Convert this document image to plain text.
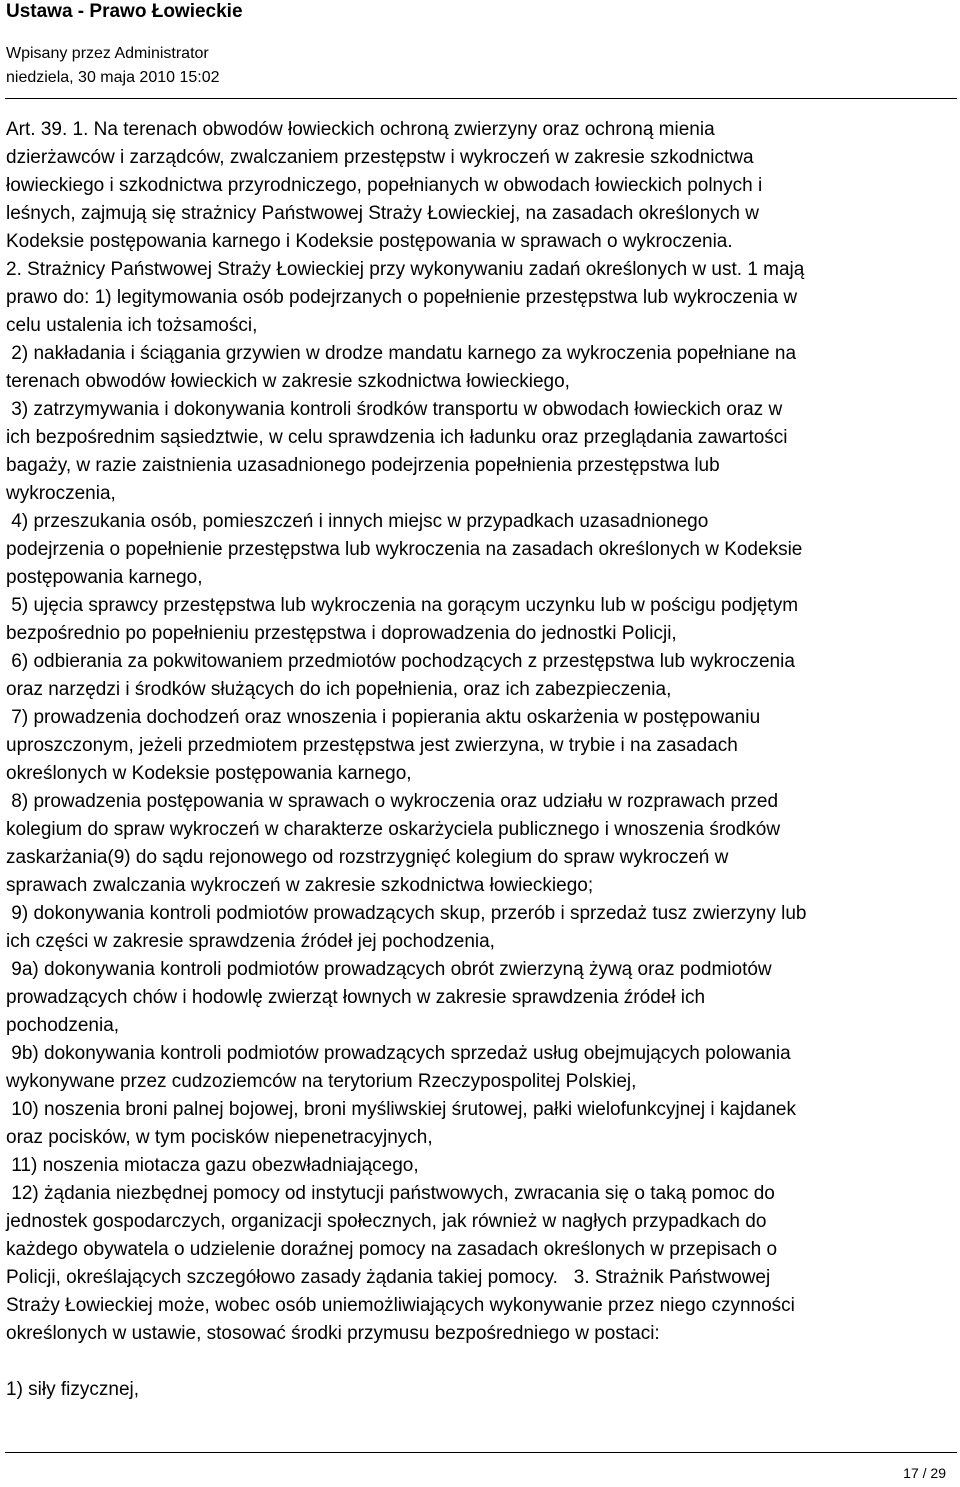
Ustawa - Prawo Łowieckie
Wpisany przez Administrator
niedziela, 30 maja 2010 15:02
Art. 39. 1. Na terenach obwodów łowieckich ochroną zwierzyny oraz ochroną mienia
dzierżawców i zarządców, zwalczaniem przestępstw i wykroczeń w zakresie szkodnictwa
łowieckiego i szkodnictwa przyrodniczego, popełnianych w obwodach łowieckich polnych i
leśnych, zajmują się strażnicy Państwowej Straży Łowieckiej, na zasadach określonych w
Kodeksie postępowania karnego i Kodeksie postępowania w sprawach o wykroczenia.
2. Strażnicy Państwowej Straży Łowieckiej przy wykonywaniu zadań określonych w ust. 1 mają
prawo do: 1) legitymowania osób podejrzanych o popełnienie przestępstwa lub wykroczenia w
celu ustalenia ich tożsamości,
2) nakładania i ściągania grzywien w drodze mandatu karnego za wykroczenia popełniane na
terenach obwodów łowieckich w zakresie szkodnictwa łowieckiego,
3) zatrzymywania i dokonywania kontroli środków transportu w obwodach łowieckich oraz w
ich bezpośrednim sąsiedztwie, w celu sprawdzenia ich ładunku oraz przeglądania zawartości
bagaży, w razie zaistnienia uzasadnionego podejrzenia popełnienia przestępstwa lub
wykroczenia,
4) przeszukania osób, pomieszczeń i innych miejsc w przypadkach uzasadnionego
podejrzenia o popełnienie przestępstwa lub wykroczenia na zasadach określonych w Kodeksie
postępowania karnego,
5) ujęcia sprawcy przestępstwa lub wykroczenia na gorącym uczynku lub w pościgu podjętym
bezpośrednio po popełnieniu przestępstwa i doprowadzenia do jednostki Policji,
6) odbierania za pokwitowaniem przedmiotów pochodzących z przestępstwa lub wykroczenia
oraz narzędzi i środków służących do ich popełnienia, oraz ich zabezpieczenia,
7) prowadzenia dochodzeń oraz wnoszenia i popierania aktu oskarżenia w postępowaniu
uproszczonym, jeżeli przedmiotem przestępstwa jest zwierzyna, w trybie i na zasadach
określonych w Kodeksie postępowania karnego,
8) prowadzenia postępowania w sprawach o wykroczenia oraz udziału w rozprawach przed
kolegium do spraw wykroczeń w charakterze oskarżyciela publicznego i wnoszenia środków
zaskarżania(9) do sądu rejonowego od rozstrzygnięć kolegium do spraw wykroczeń w
sprawach zwalczania wykroczeń w zakresie szkodnictwa łowieckiego;
9) dokonywania kontroli podmiotów prowadzących skup, przerób i sprzedaż tusz zwierzyny lub
ich części w zakresie sprawdzenia źródeł jej pochodzenia,
9a) dokonywania kontroli podmiotów prowadzących obrót zwierzyną żywą oraz podmiotów
prowadzących chów i hodowlę zwierząt łownych w zakresie sprawdzenia źródeł ich
pochodzenia,
9b) dokonywania kontroli podmiotów prowadzących sprzedaż usług obejmujących polowania
wykonywane przez cudzoziemców na terytorium Rzeczypospolitej Polskiej,
10) noszenia broni palnej bojowej, broni myśliwskiej śrutowej, pałki wielofunkcyjnej i kajdanek
oraz pocisków, w tym pocisków niepenetracyjnych,
11) noszenia miotacza gazu obezwładniającego,
12) żądania niezbędnej pomocy od instytucji państwowych, zwracania się o taką pomoc do
jednostek gospodarczych, organizacji społecznych, jak również w nagłych przypadkach do
każdego obywatela o udzielenie doraźnej pomocy na zasadach określonych w przepisach o
Policji, określających szczegółowo zasady żądania takiej pomocy.   3. Strażnik Państwowej
Straży Łowieckiej może, wobec osób uniemożliwiających wykonywanie przez niego czynności
określonych w ustawie, stosować środki przymusu bezpośredniego w postaci:
1) siły fizycznej,
17 / 29
